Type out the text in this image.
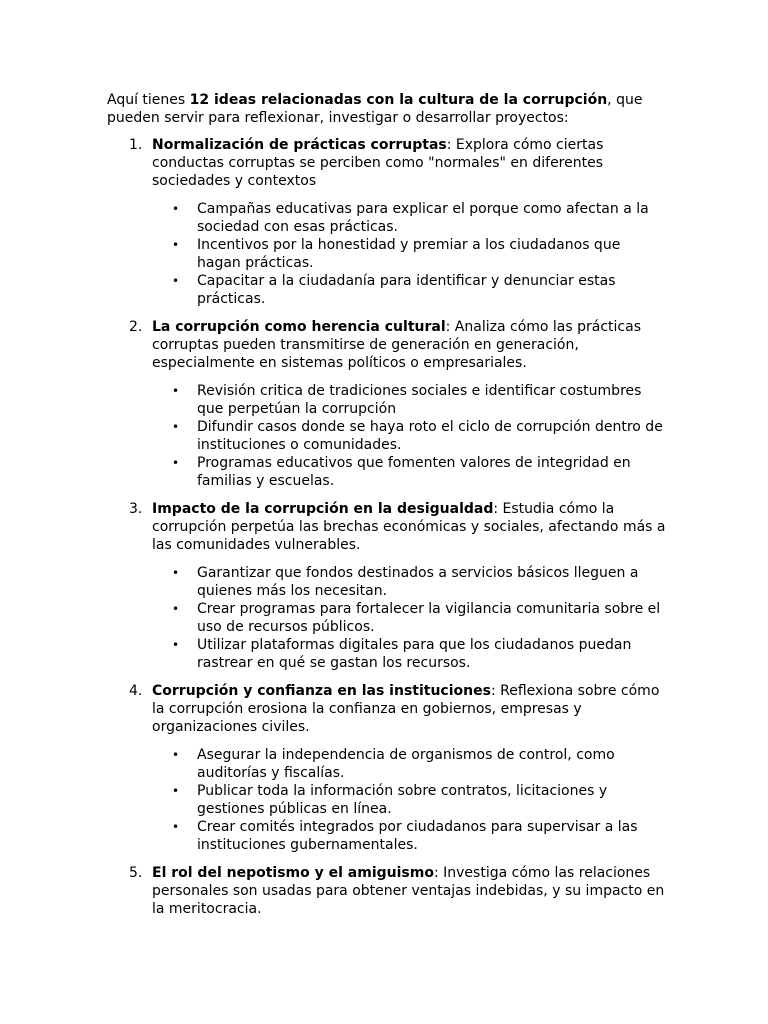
Aquí tienes 12 ideas relacionadas con la cultura de la corrupción, que pueden servir para reflexionar, investigar o desarrollar proyectos:

1. Normalización de prácticas corruptas: Explora cómo ciertas conductas corruptas se perciben como "normales" en diferentes sociedades y contextos

• Campañas educativas para explicar el porque como afectan a la sociedad con esas prácticas.
• Incentivos por la honestidad y premiar a los ciudadanos que hagan prácticas.
• Capacitar a la ciudadanía para identificar y denunciar estas prácticas.
2. La corrupción como herencia cultural: Analiza cómo las prácticas corruptas pueden transmitirse de generación en generación, especialmente en sistemas políticos o empresariales.

• Revisión critica de tradiciones sociales e identificar costumbres que perpetúan la corrupción
• Difundir casos donde se haya roto el ciclo de corrupción dentro de instituciones o comunidades.
• Programas educativos que fomenten valores de integridad en familias y escuelas.
3. Impacto de la corrupción en la desigualdad: Estudia cómo la corrupción perpetúa las brechas económicas y sociales, afectando más a las comunidades vulnerables.

• Garantizar que fondos destinados a servicios básicos lleguen a quienes más los necesitan.
• Crear programas para fortalecer la vigilancia comunitaria sobre el uso de recursos públicos.
• Utilizar plataformas digitales para que los ciudadanos puedan rastrear en qué se gastan los recursos.
4. Corrupción y confianza en las instituciones: Reflexiona sobre cómo la corrupción erosiona la confianza en gobiernos, empresas y organizaciones civiles.

• Asegurar la independencia de organismos de control, como auditorías y fiscalías.
• Publicar toda la información sobre contratos, licitaciones y gestiones públicas en línea.
• Crear comités integrados por ciudadanos para supervisar a las instituciones gubernamentales.
5. El rol del nepotismo y el amiguismo: Investiga cómo las relaciones personales son usadas para obtener ventajas indebidas, y su impacto en la meritocracia.
